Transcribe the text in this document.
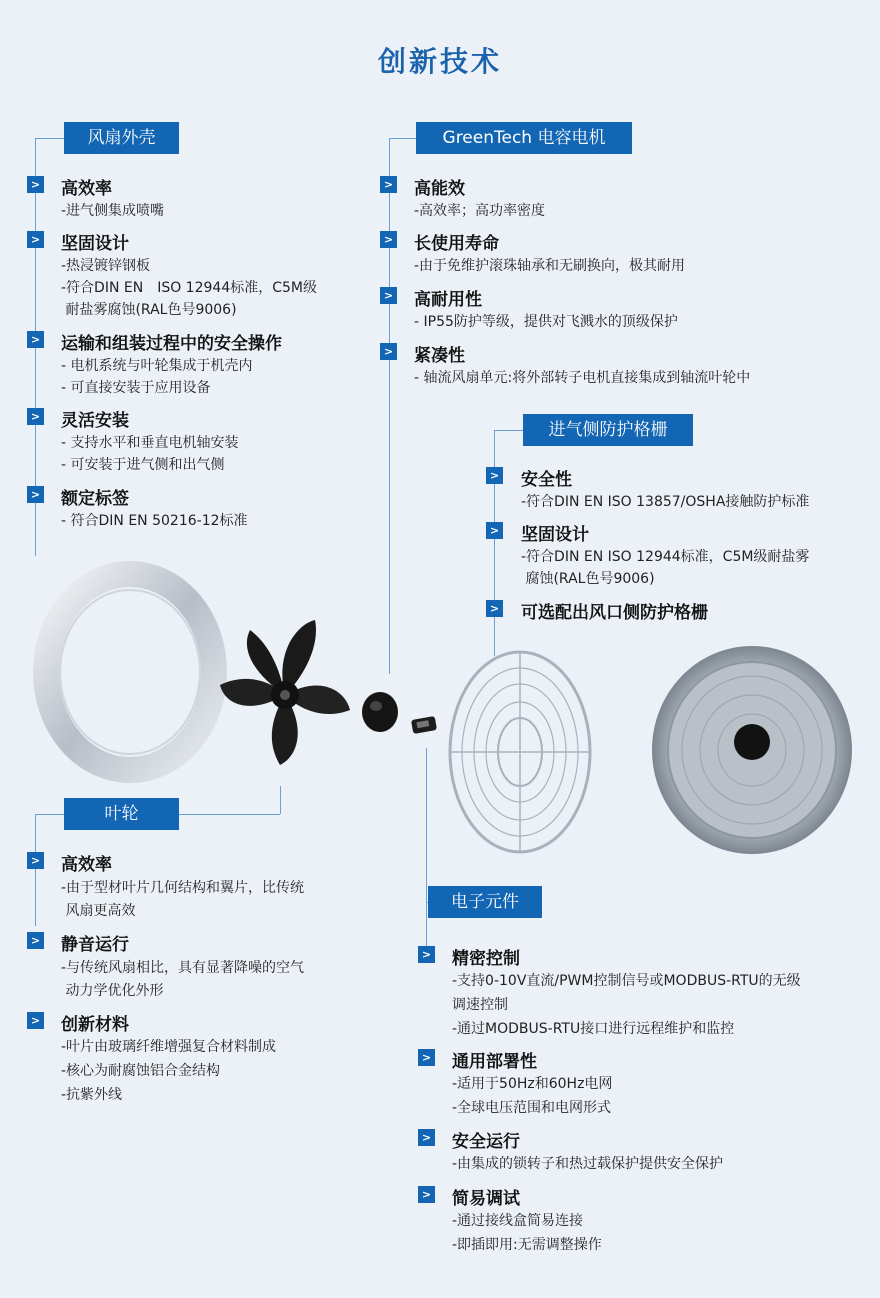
创新技术
风扇外壳	GreenTech 电容电机
进气侧防护格栅
叶轮
电子元件
> 高效率
-进气侧集成喷嘴
> 坚固设计
-热浸镀锌钢板
-符合DIN EN　ISO 12944标准，C5M级
耐盐雾腐蚀(RAL色号9006)
> 运输和组装过程中的安全操作
- 电机系统与叶轮集成于机壳内
- 可直接安装于应用设备
> 灵活安装
- 支持水平和垂直电机轴安装
- 可安装于进气侧和出气侧
> 额定标签
- 符合DIN EN 50216-12标准
> 高能效
-高效率；高功率密度
> 长使用寿命
-由于免维护滚珠轴承和无刷换向，极其耐用
> 高耐用性
- IP55防护等级，提供对飞溅水的顶级保护
> 紧凑性
- 轴流风扇单元:将外部转子电机直接集成到轴流叶轮中
> 安全性
-符合DIN EN ISO 13857/OSHA接触防护标准
> 坚固设计
-符合DIN EN ISO 12944标准，C5M级耐盐雾
腐蚀(RAL色号9006)
> 可选配出风口侧防护格栅
> 高效率
-由于型材叶片几何结构和翼片，比传统
风扇更高效
> 静音运行
-与传统风扇相比，具有显著降噪的空气
动力学优化外形
> 创新材料
-叶片由玻璃纤维增强复合材料制成
-核心为耐腐蚀铝合金结构
-抗紫外线
> 精密控制
-支持0-10V直流/PWM控制信号或MODBUS-RTU的无级
调速控制
-通过MODBUS-RTU接口进行远程维护和监控
> 通用部署性
-适用于50Hz和60Hz电网
-全球电压范围和电网形式
> 安全运行
-由集成的锁转子和热过载保护提供安全保护
> 简易调试
-通过接线盒简易连接
-即插即用:无需调整操作
